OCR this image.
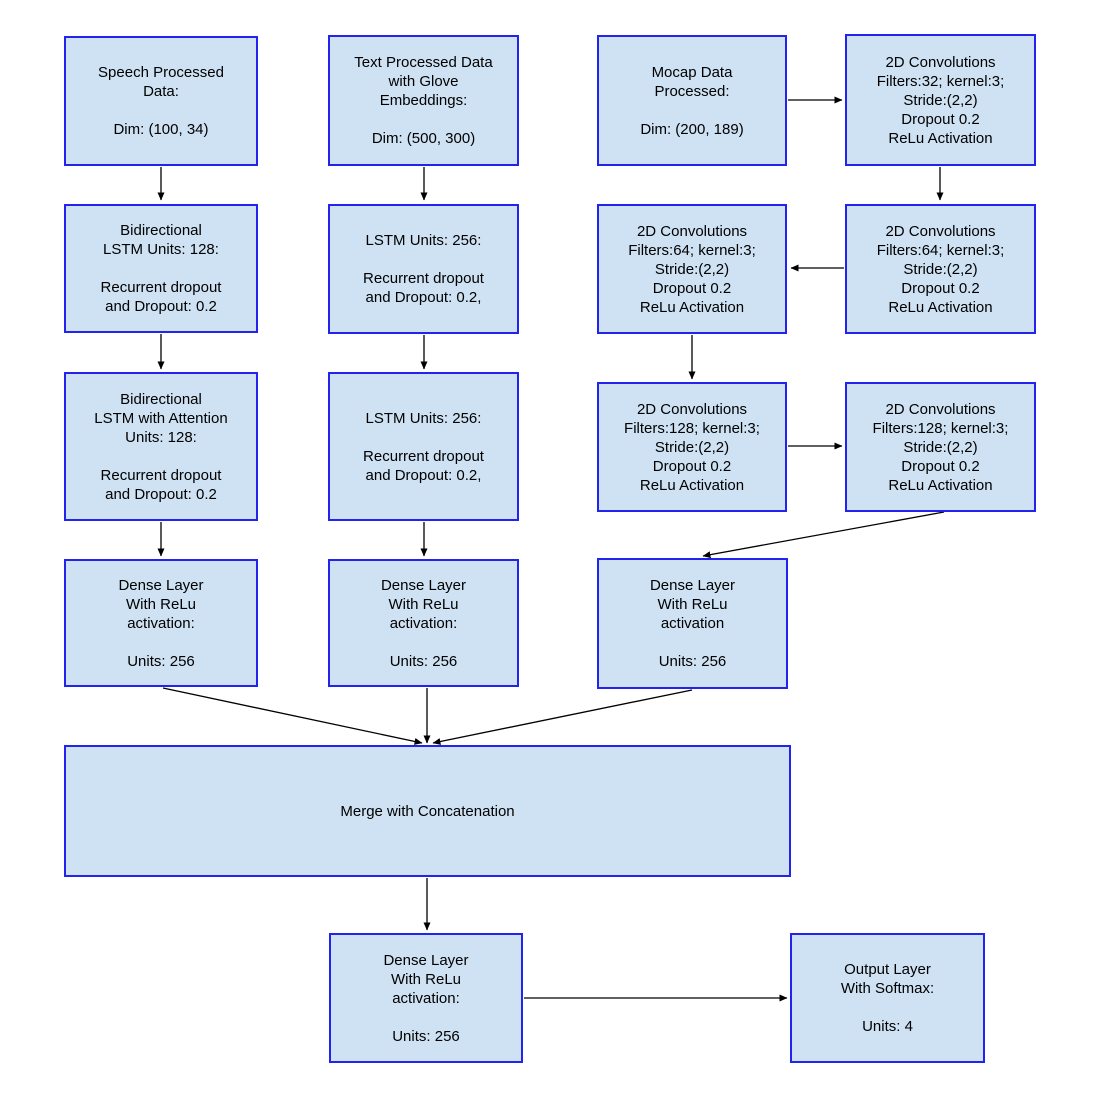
Speech Processed
Data:

Dim: (100, 34)
Text Processed Data
with Glove
Embeddings:

Dim: (500, 300)
Mocap Data
Processed:

Dim: (200, 189)
2D Convolutions
Filters:32; kernel:3;
Stride:(2,2)
Dropout 0.2
ReLu Activation
Bidirectional
LSTM Units: 128:

Recurrent dropout
and Dropout: 0.2
LSTM Units: 256:

Recurrent dropout
and Dropout: 0.2,
2D Convolutions
Filters:64; kernel:3;
Stride:(2,2)
Dropout 0.2
ReLu Activation
2D Convolutions
Filters:64; kernel:3;
Stride:(2,2)
Dropout 0.2
ReLu Activation
Bidirectional
LSTM with Attention
Units: 128:

Recurrent dropout
and Dropout: 0.2
LSTM Units: 256:

Recurrent dropout
and Dropout: 0.2,
2D Convolutions
Filters:128; kernel:3;
Stride:(2,2)
Dropout 0.2
ReLu Activation
2D Convolutions
Filters:128; kernel:3;
Stride:(2,2)
Dropout 0.2
ReLu Activation
Dense Layer
With ReLu
activation:

Units: 256
Dense Layer
With ReLu
activation:

Units: 256
Dense Layer
With ReLu
activation

Units: 256
Merge with Concatenation
Dense Layer
With ReLu
activation:

Units: 256
Output Layer
With Softmax:

Units: 4
